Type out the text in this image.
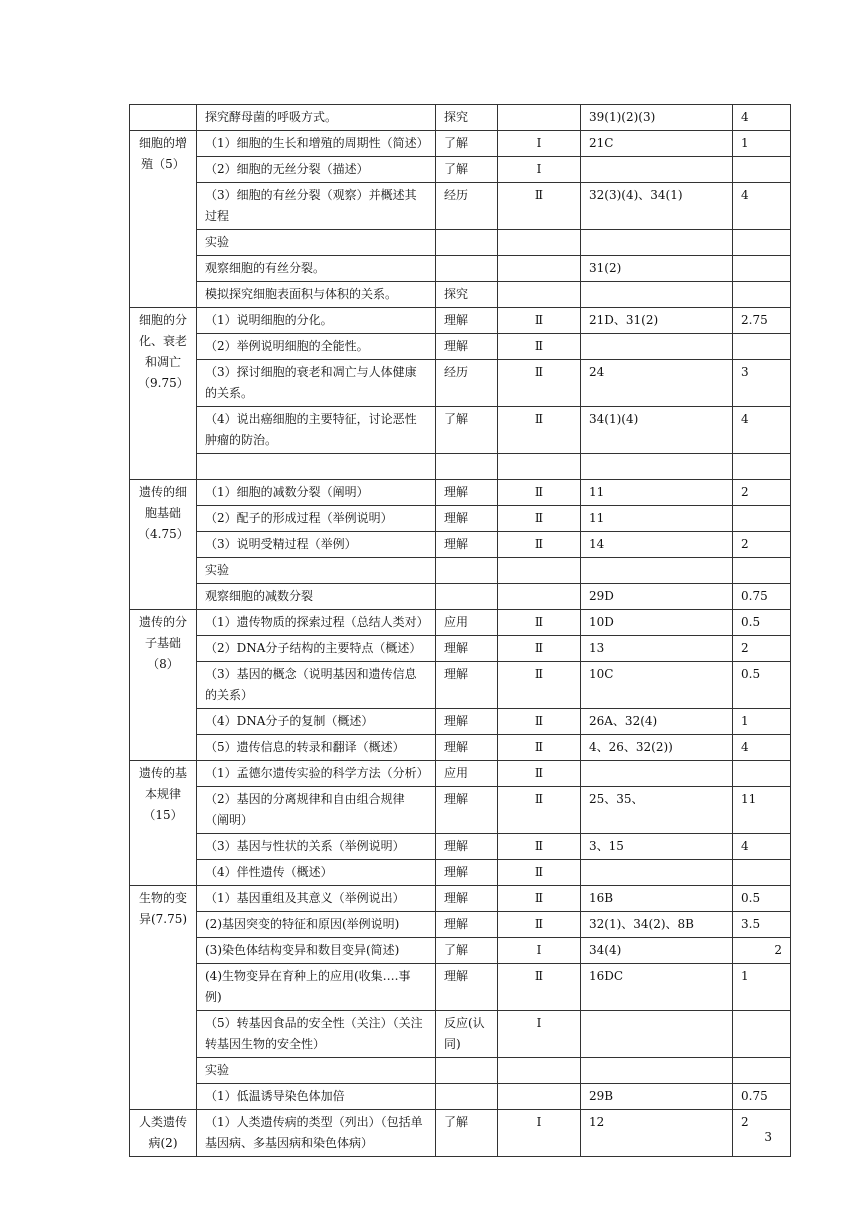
	探究酵母菌的呼吸方式。	探究		39(1)(2)(3)	4
细胞的增殖（5）	（1）细胞的生长和增殖的周期性（简述）	了解	Ⅰ	21C	1
	（2）细胞的无丝分裂（描述）	了解	Ⅰ		
	（3）细胞的有丝分裂（观察）并概述其过程	经历	Ⅱ	32(3)(4)、34(1)	4
	实验				
	观察细胞的有丝分裂。			31(2)	
	模拟探究细胞表面积与体积的关系。	探究			
细胞的分化、衰老和凋亡（9.75）	（1）说明细胞的分化。	理解	Ⅱ	21D、31(2)	2.75
	（2）举例说明细胞的全能性。	理解	Ⅱ		
	（3）探讨细胞的衰老和凋亡与人体健康的关系。	经历	Ⅱ	24	3
	（4）说出癌细胞的主要特征，讨论恶性肿瘤的防治。	了解	Ⅱ	34(1)(4)	4

遗传的细胞基础（4.75）	（1）细胞的减数分裂（阐明）	理解	Ⅱ	11	2
	（2）配子的形成过程（举例说明）	理解	Ⅱ	11	
	（3）说明受精过程（举例）	理解	Ⅱ	14	2
	实验				
	观察细胞的减数分裂			29D	0.75
遗传的分子基础（8）	（1）遗传物质的探索过程（总结人类对）	应用	Ⅱ	10D	0.5
	（2）DNA分子结构的主要特点（概述）	理解	Ⅱ	13	2
	（3）基因的概念（说明基因和遗传信息的关系）	理解	Ⅱ	10C	0.5
	（4）DNA分子的复制（概述）	理解	Ⅱ	26A、32(4)	1
	（5）遗传信息的转录和翻译（概述）	理解	Ⅱ	4、26、32(2))	4
遗传的基本规律（15）	（1）孟德尔遗传实验的科学方法（分析）	应用	Ⅱ		
	（2）基因的分离规律和自由组合规律（阐明）	理解	Ⅱ	25、35、	11
	（3）基因与性状的关系（举例说明）	理解	Ⅱ	3、15	4
	（4）伴性遗传（概述）	理解	Ⅱ		
生物的变异(7.75)	（1）基因重组及其意义（举例说出）	理解	Ⅱ	16B	0.5
	(2)基因突变的特征和原因(举例说明)	理解	Ⅱ	32(1)、34(2)、8B	3.5
	(3)染色体结构变异和数目变异(简述)	了解	Ⅰ	34(4)	2
	(4)生物变异在育种上的应用(收集….事例)	理解	Ⅱ	16DC	1
	（5）转基因食品的安全性（关注）（关注转基因生物的安全性）	反应(认同)	Ⅰ		
	实验				
	（1）低温诱导染色体加倍			29B	0.75
人类遗传病(2)	（1）人类遗传病的类型（列出）（包括单基因病、多基因病和染色体病）	了解	Ⅰ	12	2
3
